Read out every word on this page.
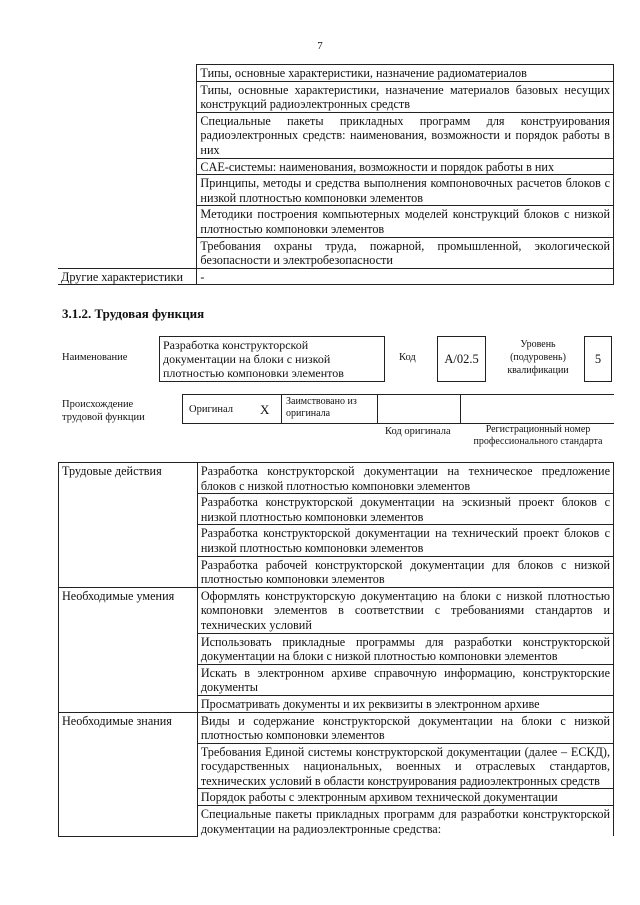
7
	Типы, основные характеристики, назначение радиоматериалов
	Типы, основные характеристики, назначение материалов базовых несущих конструкций радиоэлектронных средств
	Специальные пакеты прикладных программ для конструирования радиоэлектронных средств: наименования, возможности и порядок работы в них
	CAE-системы: наименования, возможности и порядок работы в них
	Принципы, методы и средства выполнения компоновочных расчетов блоков с низкой плотностью компоновки элементов
	Методики построения компьютерных моделей конструкций блоков с низкой плотностью компоновки элементов
	Требования охраны труда, пожарной, промышленной, экологической безопасности и электробезопасности
Другие характеристики	-
3.1.2. Трудовая функция
Наименование
Разработка конструкторской документации на блоки с низкой плотностью компоновки элементов
Код	A/02.5
Уровень (подуровень) квалификации
5
Происхождение трудовой функции
Оригинал X
Заимствовано из оригинала
Код оригинала	Регистрационный номер профессионального стандарта
Трудовые действия	Разработка конструкторской документации на техническое предложение блоков с низкой плотностью компоновки элементов
	Разработка конструкторской документации на эскизный проект блоков с низкой плотностью компоновки элементов
	Разработка конструкторской документации на технический проект блоков с низкой плотностью компоновки элементов
	Разработка рабочей конструкторской документации для блоков с низкой плотностью компоновки элементов
Необходимые умения	Оформлять конструкторскую документацию на блоки с низкой плотностью компоновки элементов в соответствии с требованиями стандартов и технических условий
	Использовать прикладные программы для разработки конструкторской документации на блоки с низкой плотностью компоновки элементов
	Искать в электронном архиве справочную информацию, конструкторские документы
	Просматривать документы и их реквизиты в электронном архиве
Необходимые знания	Виды и содержание конструкторской документации на блоки с низкой плотностью компоновки элементов
	Требования Единой системы конструкторской документации (далее – ЕСКД), государственных национальных, военных и отраслевых стандартов, технических условий в области конструирования радиоэлектронных средств
	Порядок работы с электронным архивом технической документации
	Специальные пакеты прикладных программ для разработки конструкторской документации на радиоэлектронные средства:
